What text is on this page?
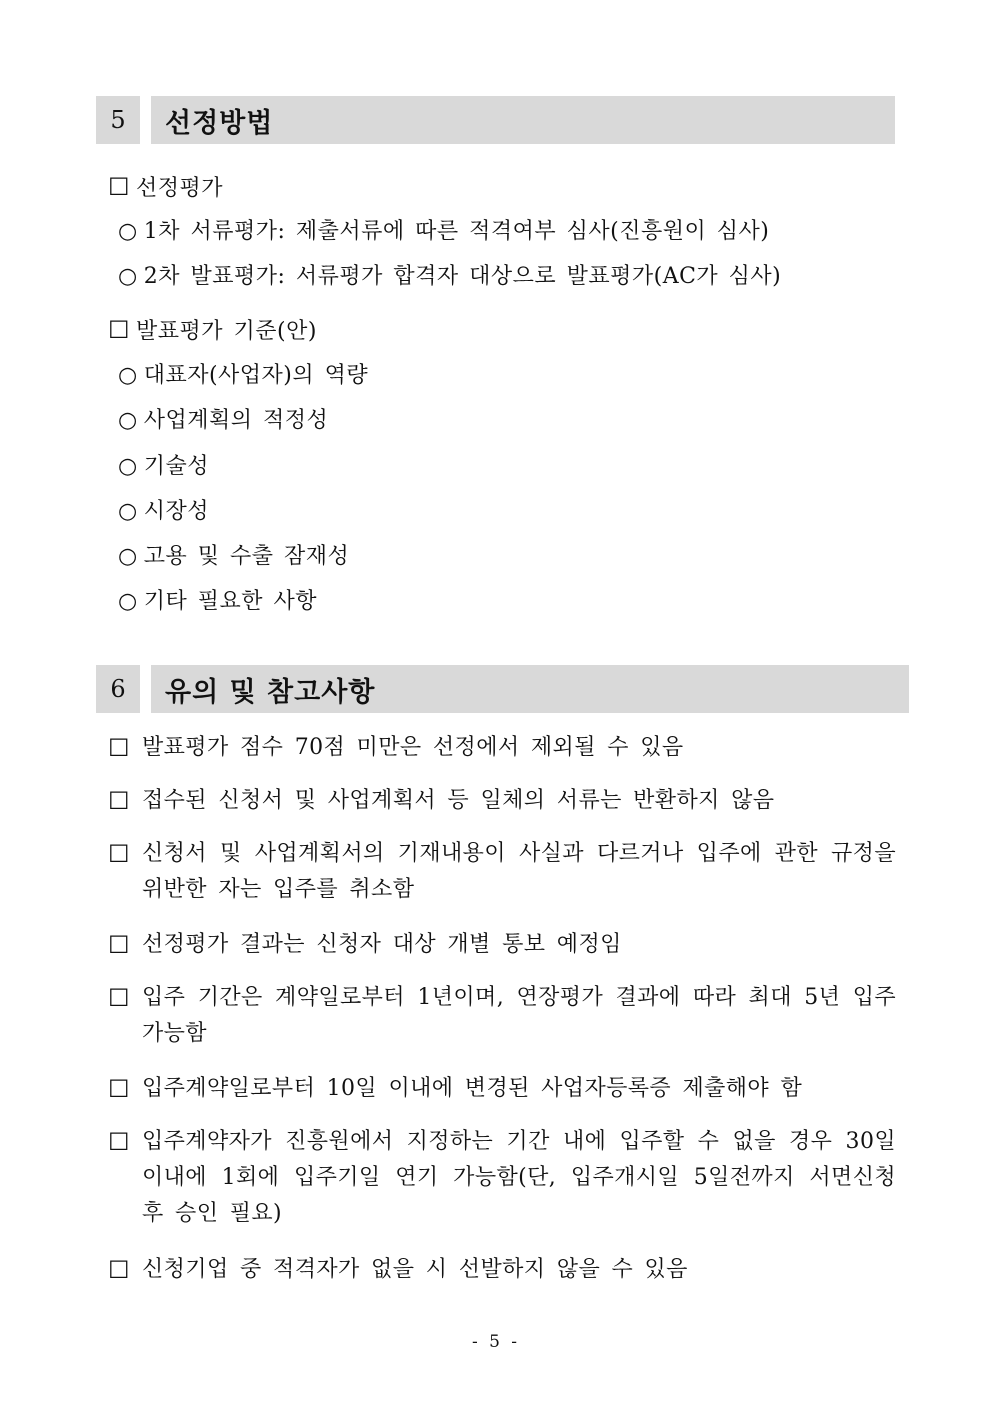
5	선정방법
☐ 선정평가
○ 1차 서류평가: 제출서류에 따른 적격여부 심사(진흥원이 심사)
○ 2차 발표평가: 서류평가 합격자 대상으로 발표평가(AC가 심사)
☐ 발표평가 기준(안)
○ 대표자(사업자)의 역량
○ 사업계획의 적정성
○ 기술성
○ 시장성
○ 고용 및 수출 잠재성
○ 기타 필요한 사항
6	유의 및 참고사항
☐ 발표평가 점수 70점 미만은 선정에서 제외될 수 있음
☐ 접수된 신청서 및 사업계획서 등 일체의 서류는 반환하지 않음
☐ 신청서 및 사업계획서의 기재내용이 사실과 다르거나 입주에 관한 규정을 위반한 자는 입주를 취소함
☐ 선정평가 결과는 신청자 대상 개별 통보 예정임
☐ 입주 기간은 계약일로부터 1년이며, 연장평가 결과에 따라 최대 5년 입주 가능함
☐ 입주계약일로부터 10일 이내에 변경된 사업자등록증 제출해야 함
☐ 입주계약자가 진흥원에서 지정하는 기간 내에 입주할 수 없을 경우 30일 이내에 1회에 입주기일 연기 가능함(단, 입주개시일 5일전까지 서면신청 후 승인 필요)
☐ 신청기업 중 적격자가 없을 시 선발하지 않을 수 있음
- 5 -
